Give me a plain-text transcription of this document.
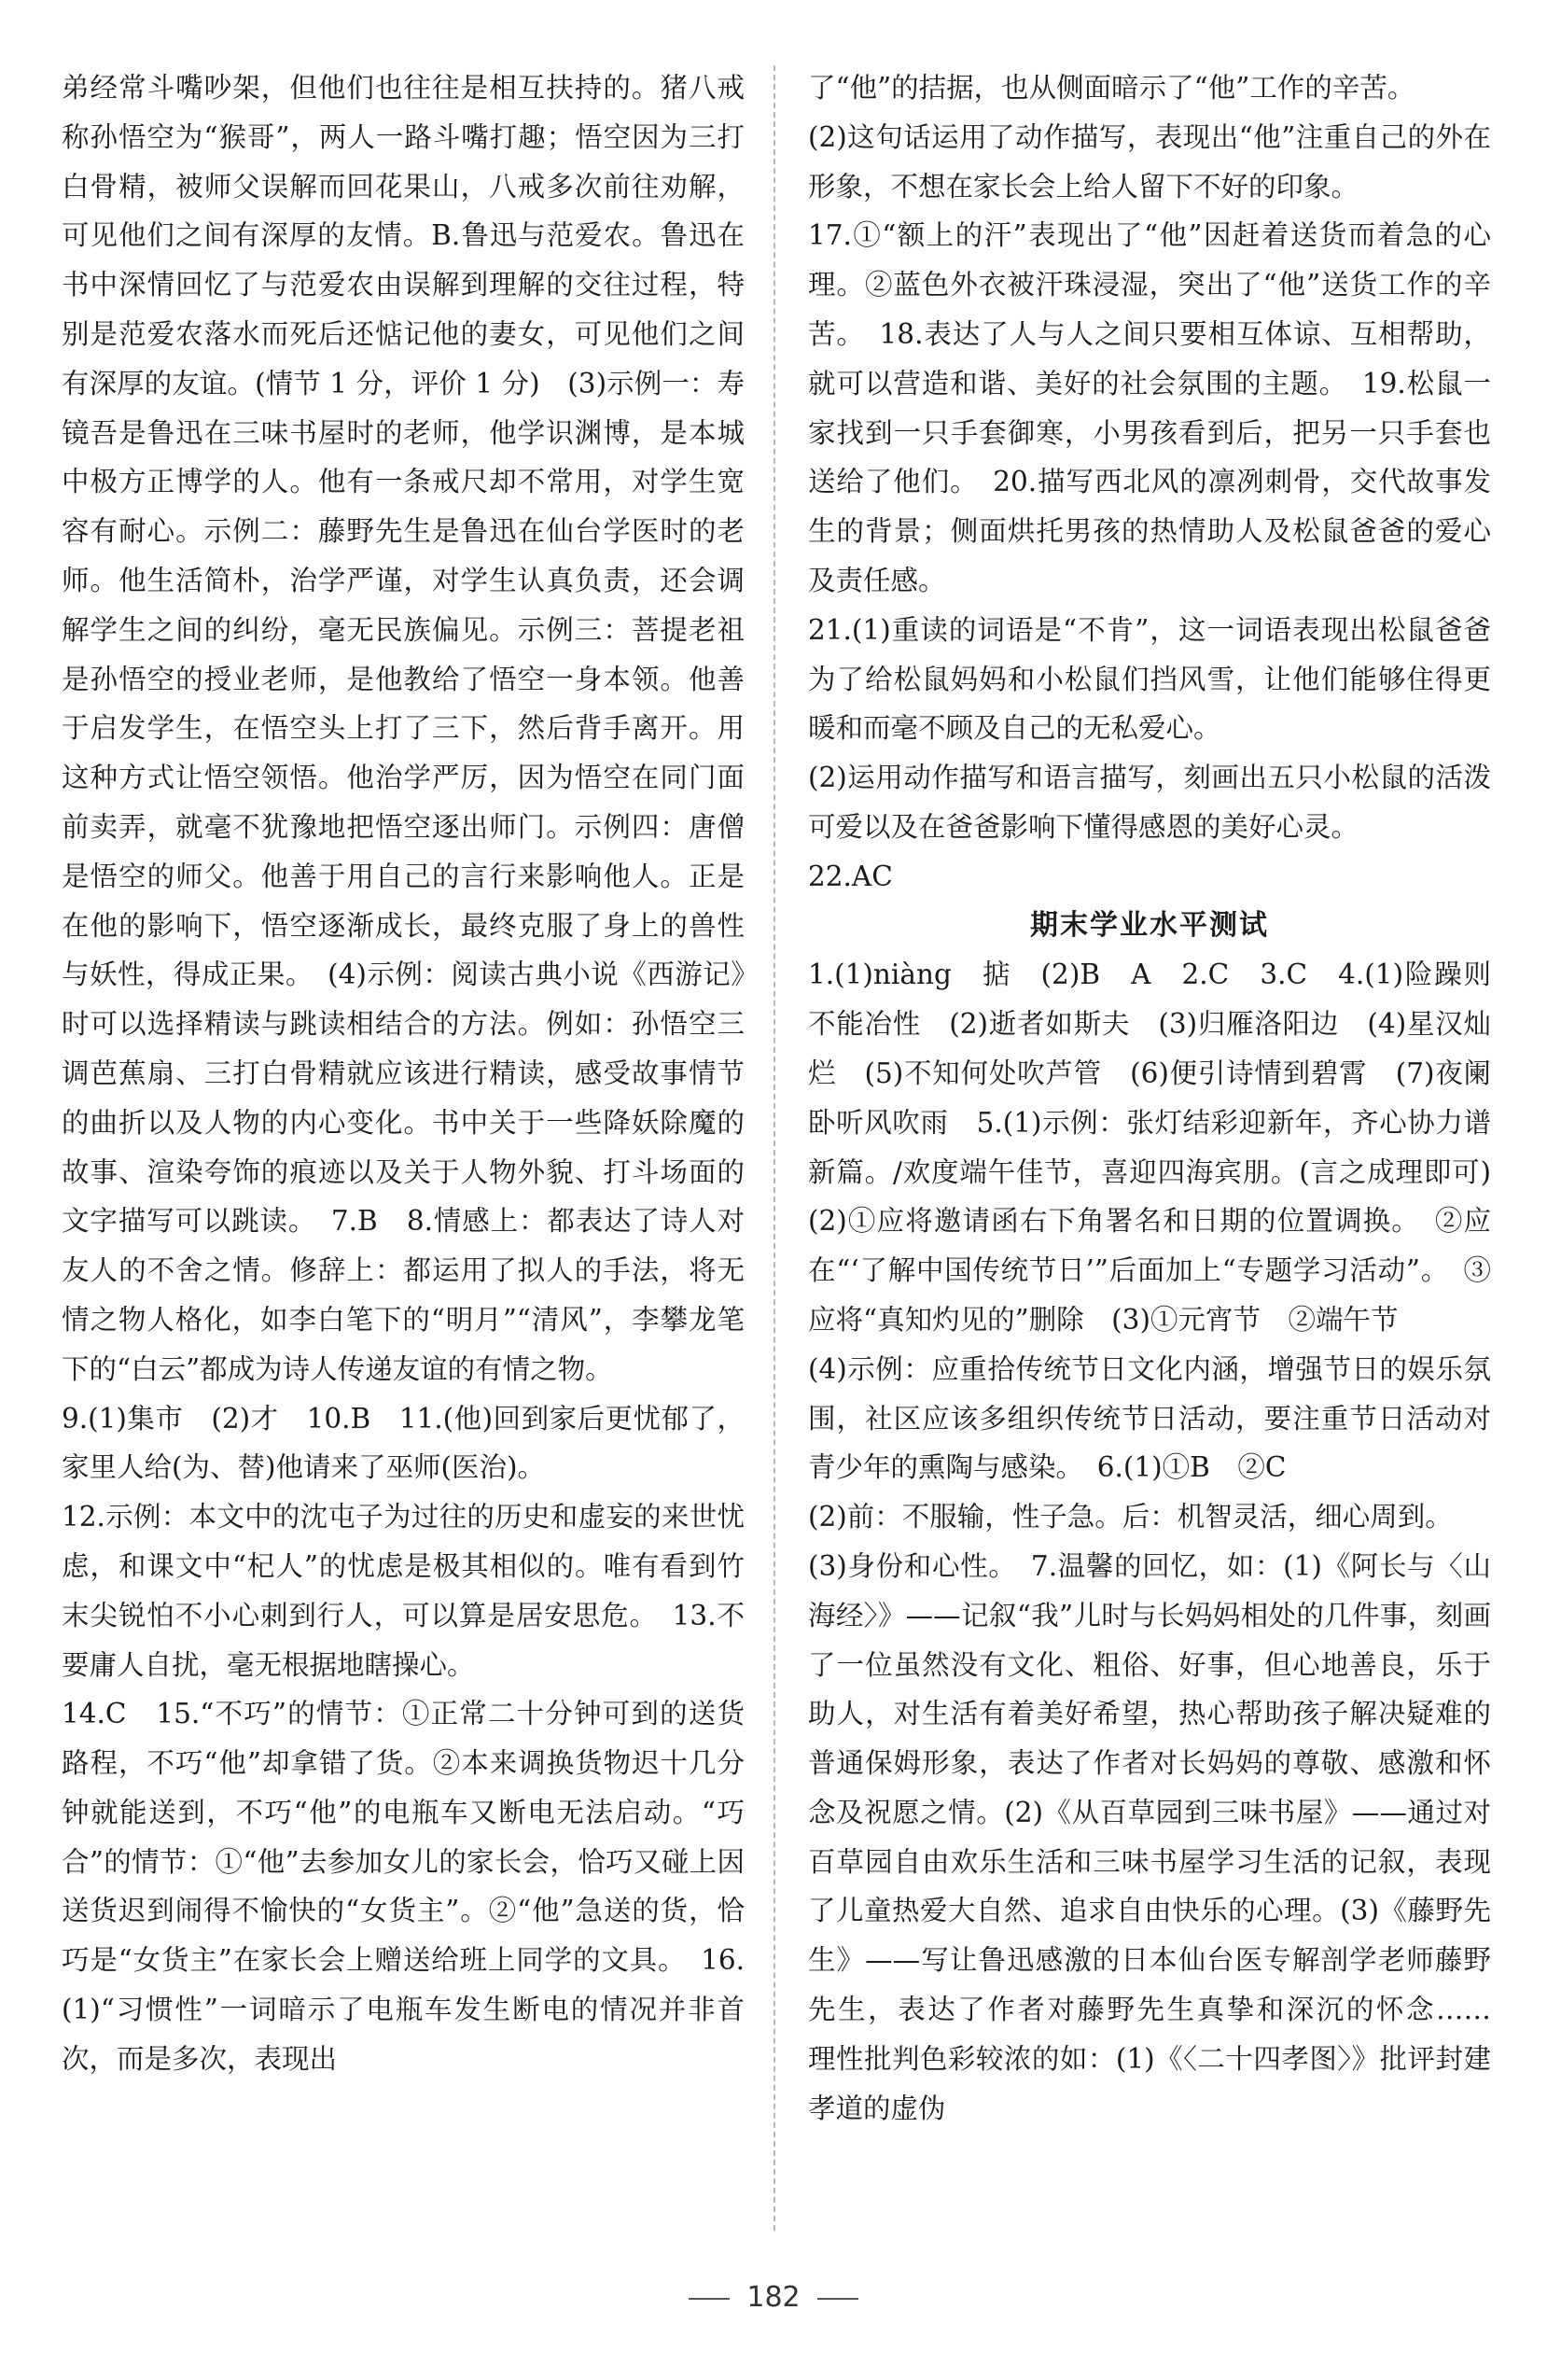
弟经常斗嘴吵架，但他们也往往是相互扶持的。猪八戒称孙悟空为“猴哥”，两人一路斗嘴打趣；悟空因为三打白骨精，被师父误解而回花果山，八戒多次前往劝解，可见他们之间有深厚的友情。B.鲁迅与范爱农。鲁迅在书中深情回忆了与范爱农由误解到理解的交往过程，特别是范爱农落水而死后还惦记他的妻女，可见他们之间有深厚的友谊。(情节 1 分，评价 1 分)　(3)示例一：寿镜吾是鲁迅在三味书屋时的老师，他学识渊博，是本城中极方正博学的人。他有一条戒尺却不常用，对学生宽容有耐心。示例二：藤野先生是鲁迅在仙台学医时的老师。他生活简朴，治学严谨，对学生认真负责，还会调解学生之间的纠纷，毫无民族偏见。示例三：菩提老祖是孙悟空的授业老师，是他教给了悟空一身本领。他善于启发学生，在悟空头上打了三下，然后背手离开。用这种方式让悟空领悟。他治学严厉，因为悟空在同门面前卖弄，就毫不犹豫地把悟空逐出师门。示例四：唐僧是悟空的师父。他善于用自己的言行来影响他人。正是在他的影响下，悟空逐渐成长，最终克服了身上的兽性与妖性，得成正果。　(4)示例：阅读古典小说《西游记》时可以选择精读与跳读相结合的方法。例如：孙悟空三调芭蕉扇、三打白骨精就应该进行精读，感受故事情节的曲折以及人物的内心变化。书中关于一些降妖除魔的故事、渲染夸饰的痕迹以及关于人物外貌、打斗场面的文字描写可以跳读。　7.B　8.情感上：都表达了诗人对友人的不舍之情。修辞上：都运用了拟人的手法，将无情之物人格化，如李白笔下的“明月”“清风”，李攀龙笔下的“白云”都成为诗人传递友谊的有情之物。

9.(1)集市　(2)才　10.B　11.(他)回到家后更忧郁了，家里人给(为、替)他请来了巫师(医治)。

12.示例：本文中的沈屯子为过往的历史和虚妄的来世忧虑，和课文中“杞人”的忧虑是极其相似的。唯有看到竹末尖锐怕不小心刺到行人，可以算是居安思危。　13.不要庸人自扰，毫无根据地瞎操心。

14.C　15.“不巧”的情节：①正常二十分钟可到的送货路程，不巧“他”却拿错了货。②本来调换货物迟十几分钟就能送到，不巧“他”的电瓶车又断电无法启动。“巧合”的情节：①“他”去参加女儿的家长会，恰巧又碰上因送货迟到闹得不愉快的“女货主”。②“他”急送的货，恰巧是“女货主”在家长会上赠送给班上同学的文具。　16.(1)“习惯性”一词暗示了电瓶车发生断电的情况并非首次，而是多次，表现出

了“他”的拮据，也从侧面暗示了“他”工作的辛苦。

(2)这句话运用了动作描写，表现出“他”注重自己的外在形象，不想在家长会上给人留下不好的印象。

17.①“额上的汗”表现出了“他”因赶着送货而着急的心理。②蓝色外衣被汗珠浸湿，突出了“他”送货工作的辛苦。　18.表达了人与人之间只要相互体谅、互相帮助，就可以营造和谐、美好的社会氛围的主题。　19.松鼠一家找到一只手套御寒，小男孩看到后，把另一只手套也送给了他们。　20.描写西北风的凛冽刺骨，交代故事发生的背景；侧面烘托男孩的热情助人及松鼠爸爸的爱心及责任感。

21.(1)重读的词语是“不肯”，这一词语表现出松鼠爸爸为了给松鼠妈妈和小松鼠们挡风雪，让他们能够住得更暖和而毫不顾及自己的无私爱心。

(2)运用动作描写和语言描写，刻画出五只小松鼠的活泼可爱以及在爸爸影响下懂得感恩的美好心灵。

22.AC

期末学业水平测试

1.(1)niàng　掂　(2)B　A　2.C　3.C　4.(1)险躁则不能冶性　(2)逝者如斯夫　(3)归雁洛阳边　(4)星汉灿烂　(5)不知何处吹芦管　(6)便引诗情到碧霄　(7)夜阑卧听风吹雨　5.(1)示例：张灯结彩迎新年，齐心协力谱新篇。/欢度端午佳节，喜迎四海宾朋。(言之成理即可)　(2)①应将邀请函右下角署名和日期的位置调换。　②应在“‘了解中国传统节日’”后面加上“专题学习活动”。　③应将“真知灼见的”删除　(3)①元宵节　②端午节

(4)示例：应重拾传统节日文化内涵，增强节日的娱乐氛围，社区应该多组织传统节日活动，要注重节日活动对青少年的熏陶与感染。　6.(1)①B　②C

(2)前：不服输，性子急。后：机智灵活，细心周到。

(3)身份和心性。　7.温馨的回忆，如：(1)《阿长与〈山海经〉》——记叙“我”儿时与长妈妈相处的几件事，刻画了一位虽然没有文化、粗俗、好事，但心地善良，乐于助人，对生活有着美好希望，热心帮助孩子解决疑难的普通保姆形象，表达了作者对长妈妈的尊敬、感激和怀念及祝愿之情。(2)《从百草园到三味书屋》——通过对百草园自由欢乐生活和三味书屋学习生活的记叙，表现了儿童热爱大自然、追求自由快乐的心理。(3)《藤野先生》——写让鲁迅感激的日本仙台医专解剖学老师藤野先生，表达了作者对藤野先生真挚和深沉的怀念……　理性批判色彩较浓的如：(1)《〈二十四孝图〉》批评封建孝道的虚伪

182
